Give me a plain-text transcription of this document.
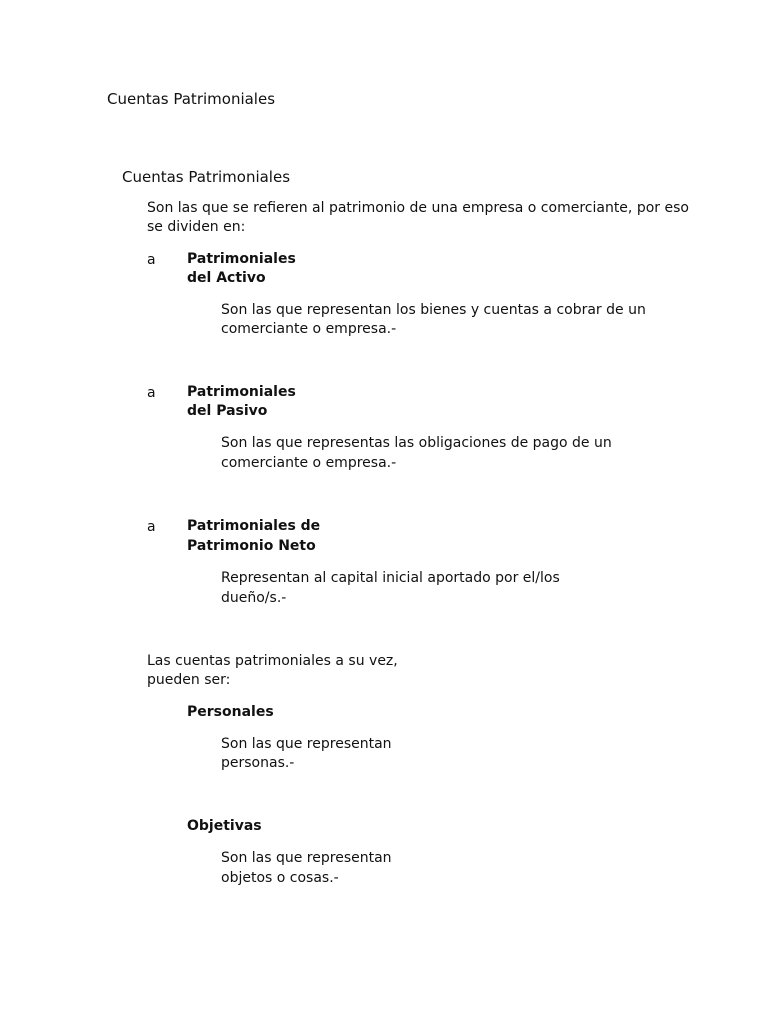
Cuentas Patrimoniales
Cuentas Patrimoniales
Son las que se refieren al patrimonio de una empresa o comerciante, por eso
se dividen en:
a Patrimoniales
del Activo
Son las que representan los bienes y cuentas a cobrar de un
comerciante o empresa.-
a Patrimoniales
del Pasivo
Son las que representas las obligaciones de pago de un
comerciante o empresa.-
a Patrimoniales de
Patrimonio Neto
Representan al capital inicial aportado por el/los
dueño/s.-
Las cuentas patrimoniales a su vez,
pueden ser:
Personales
Son las que representan
personas.-
Objetivas
Son las que representan
objetos o cosas.-
